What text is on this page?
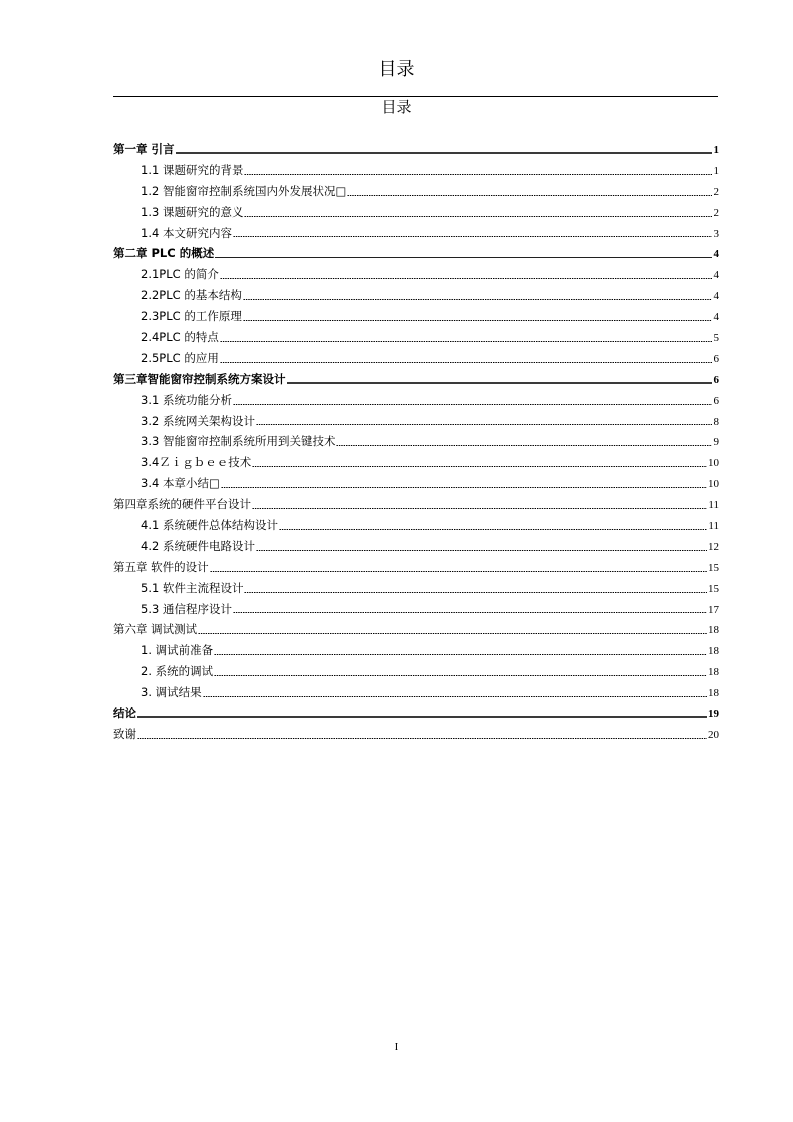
目录
目录
第一章 引言	1
1.1 课题研究的背景	1
1.2 智能窗帘控制系统国内外发展状况□	2
1.3 课题研究的意义	2
1.4 本文研究内容	3
第二章 PLC 的概述	4
2.1PLC 的简介	4
2.2PLC 的基本结构	4
2.3PLC 的工作原理	4
2.4PLC 的特点	5
2.5PLC 的应用	6
第三章智能窗帘控制系统方案设计	6
3.1 系统功能分析	6
3.2 系统网关架构设计	8
3.3 智能窗帘控制系统所用到关键技术	9
3.4Ｚｉｇｂｅｅ技术	10
3.4 本章小结□	10
第四章系统的硬件平台设计	11
4.1 系统硬件总体结构设计	11
4.2 系统硬件电路设计	12
第五章 软件的设计	15
5.1 软件主流程设计	15
5.3 通信程序设计	17
第六章 调试测试	18
1. 调试前准备	18
2. 系统的调试	18
3. 调试结果	18
结论	19
致谢	20
I
